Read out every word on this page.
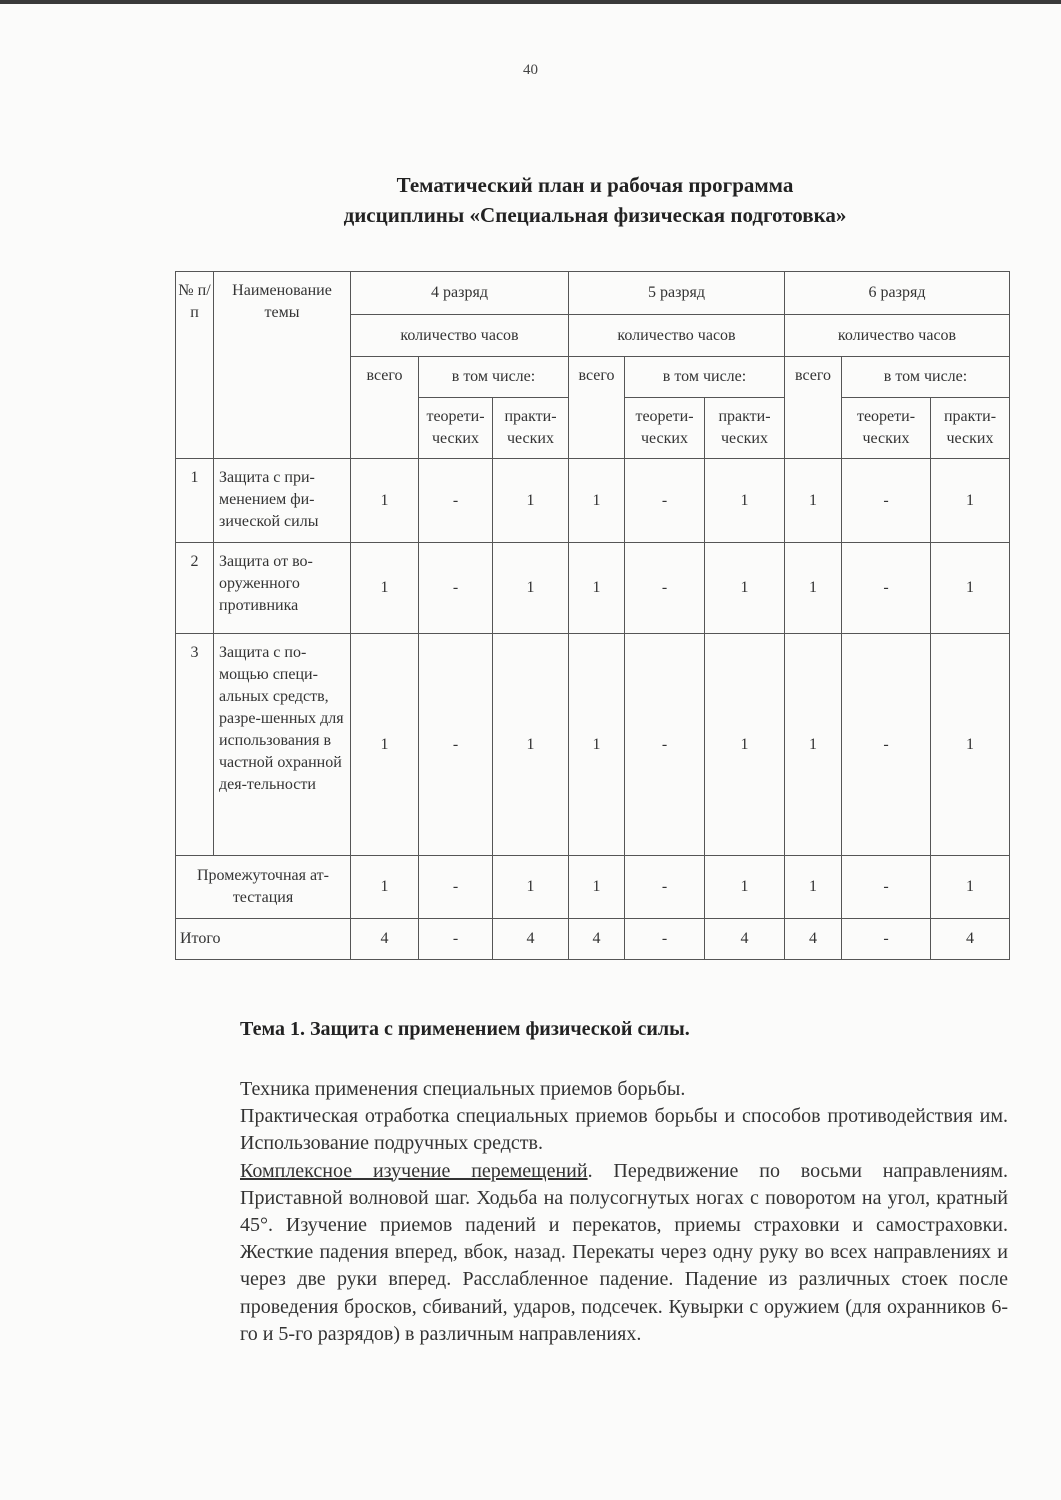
40
Тематический план и рабочая программа
дисциплины «Специальная физическая подготовка»
№ п/п	Наименование темы	4 разряд			5 разряд			6 разряд		
		количество часов			количество часов			количество часов		
		всего	в том числе:		всего	в том числе:		всего	в том числе:	
			теорети-ческих	практи-ческих		теорети-ческих	практи-ческих		теорети-ческих	практи-ческих
1	Защита с при-менением фи-зической силы	1	-	1	1	-	1	1	-	1
2	Защита от во-оруженного противника	1	-	1	1	-	1	1	-	1
3	Защита с по-мощью специ-альных средств, разре-шенных для использования в частной охранной дея-тельности	1	-	1	1	-	1	1	-	1
Промежуточная ат-тестация		1	-	1	1	-	1	1	-	1
Итого		4	-	4	4	-	4	4	-	4
Тема 1. Защита с применением физической силы.

Техника применения специальных приемов борьбы.

Практическая отработка специальных приемов борьбы и способов противодействия им. Использование подручных средств.

Комплексное изучение перемещений. Передвижение по восьми направлениям. Приставной волновой шаг. Ходьба на полусогнутых ногах с поворотом на угол, кратный 45°. Изучение приемов падений и перекатов, приемы страховки и самостраховки. Жесткие падения вперед, вбок, назад. Перекаты через одну руку во всех направлениях и через две руки вперед. Расслабленное падение. Падение из различных стоек после проведения бросков, сбиваний, ударов, подсечек. Кувырки с оружием (для охранников 6-го и 5-го разрядов) в различным направлениях.
